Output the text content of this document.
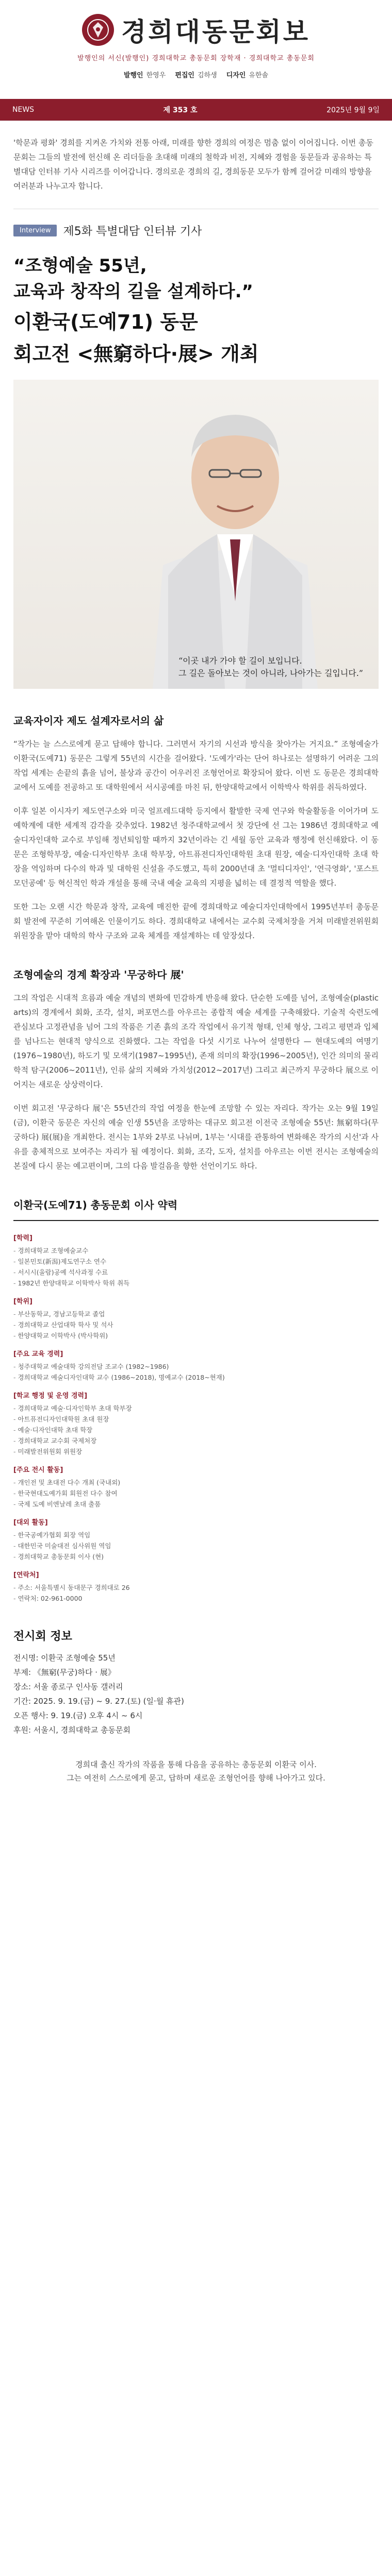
경희대동문회보
발행인의 서신(발행인) 경희대학교 총동문회 장학재 · 경희대학교 총동문회
발행인 한영우 편집인 김하생 디자인 유한솔
NEWS	제 353 호	2025년 9월 9일

'학문과 평화' 경희를 지켜온 가치와 전통 아래, 미래를 향한 경희의 여정은 멈춤 없이 이어집니다. 이번 총동문회는 그들의 발전에 헌신해 온 리더들을 초대해 미래의 철학과 비전, 지혜와 경험을 동문들과 공유하는 특별대담 인터뷰 기사 시리즈를 이어갑니다. 경의로운 경희의 길, 경희동문 모두가 함께 걸어갈 미래의 방향을 여러분과 나누고자 합니다.

Interview	제5화 특별대담 인터뷰 기사
“조형예술 55년,
교육과 창작의 길을 설계하다.”
이환국(도예71) 동문
회고전 <無窮하다·展> 개최
“이곳 내가 가야 할 길이 보입니다.
그 길은 돌아보는 것이 아니라, 나아가는 길입니다.”
교육자이자 제도 설계자로서의 삶

“작가는 늘 스스로에게 묻고 답해야 합니다. 그러면서 자기의 시선과 방식을 찾아가는 거지요.” 조형예술가 이환국(도예71) 동문은 그렇게 55년의 시간을 걸어왔다. '도예가'라는 단어 하나로는 설명하기 어려운 그의 작업 세계는 손끝의 흙을 넘어, 불상과 공간이 어우러진 조형언어로 확장되어 왔다. 이번 도 동문은 경희대학교에서 도예를 전공하고 또 대학원에서 서시공예를 마친 뒤, 한양대학교에서 이학박사 학위를 취득하였다.

이후 일본 이시자키 제도연구소와 미국 얼프레드대학 등지에서 활발한 국제 연구와 학술활동을 이어가며 도예학계에 대한 세계적 감각을 갖추었다. 1982년 청주대학교에서 첫 강단에 선 그는 1986년 경희대학교 예술디자인대학 교수로 부임해 정년퇴임할 때까지 32년이라는 긴 세월 동안 교육과 행정에 헌신해왔다. 이 동문은 조형학부장, 예술·디자인학부 초대 학부장, 아트퓨전디자인대학원 초대 원장, 예술·디자인대학 초대 학장을 역임하며 다수의 학과 및 대학원 신설을 주도했고, 특히 2000년대 초 '멀티디자인', '연극영화', '포스트모던공예' 등 혁신적인 학과 개설을 통해 국내 예술 교육의 지평을 넓히는 데 결정적 역할을 했다.

또한 그는 오랜 시간 학문과 창작, 교육에 매진한 끝에 경희대학교 예술디자인대학에서 1995년부터 총동문회 발전에 꾸준히 기여해온 인물이기도 하다. 경희대학교 내에서는 교수회 국제처장을 거쳐 미래발전위원회 위원장을 맡아 대학의 학사 구조와 교육 체계를 재설계하는 데 앞장섰다.

조형예술의 경계 확장과 '무궁하다 展'

그의 작업은 시대적 흐름과 예술 개념의 변화에 민감하게 반응해 왔다. 단순한 도예를 넘어, 조형예술(plastic arts)의 경계에서 회화, 조각, 설치, 퍼포먼스를 아우르는 종합적 예술 세계를 구축해왔다. 기술적 숙련도에 관심보다 고정관념을 넘어 그의 작품은 기존 흙의 조각 작업에서 유기적 형태, 인체 형상, 그리고 평면과 입체를 넘나드는 현대적 양식으로 진화했다. 그는 작업을 다섯 시기로 나누어 설명한다 — 현대도예의 여명기(1976~1980년), 하도기 및 모색기(1987~1995년), 존재 의미의 확장(1996~2005년), 인간 의미의 물리학적 탐구(2006~2011년), 인류 삶의 지혜와 가치성(2012~2017년) 그리고 최근까지 무궁하다 展으로 이어지는 새로운 상상력이다.

이번 회고전 '무궁하다 展'은 55년간의 작업 여정을 한눈에 조망할 수 있는 자리다. 작가는 오는 9월 19일(금), 이환국 동문은 자신의 예술 인생 55년을 조망하는 대규모 회고전 이전국 조형예술 55년: 無窮하다(무궁하다) 展(展)을 개최한다. 전시는 1부와 2부로 나뉘며, 1부는 '시대를 관통하여 변화해온 작가의 시선'과 사유를 총체적으로 보여주는 자리가 될 예정이다. 회화, 조각, 도자, 설치를 아우르는 이번 전시는 조형예술의 본질에 다시 묻는 예고편이며, 그의 다음 발걸음을 향한 선언이기도 하다.

이환국(도예71) 총동문회 이사 약력
[학력]
- 경희대학교 조형예술교수
- 일본민토(新潟)제도연구소 연수
- 서시시(울람)공예 석사과정 수료
- 1982년 한양대학교 이학박사 학위 취득
[학위]
- 부산동학교, 경남고등학교 졸업
- 경희대학교 산업대학 학사 및 석사
- 한양대학교 이학박사 (박사학위)
[주요 교육 경력]
- 청주대학교 예술대학 강의전담 조교수 (1982~1986)
- 경희대학교 예술디자인대학 교수 (1986~2018), 명예교수 (2018~현재)
[학교 행정 및 운영 경력]
- 경희대학교 예술·디자인학부 초대 학부장
- 아트퓨전디자인대학원 초대 원장
- 예술·디자인대학 초대 학장
- 경희대학교 교수회 국제처장
- 미래발전위원회 위원장
[주요 전시 활동]
- 개인전 및 초대전 다수 개최 (국내외)
- 한국현대도예가회 회원전 다수 참여
- 국제 도예 비엔날레 초대 출품
[대외 활동]
- 한국공예가협회 회장 역임
- 대한민국 미술대전 심사위원 역임
- 경희대학교 총동문회 이사 (현)
[연락처]
- 주소: 서울특별시 동대문구 경희대로 26
- 연락처: 02-961-0000
전시회 정보
전시명: 이환국 조형예술 55년
부제: 《無窮(무궁)하다 · 展》
장소: 서울 종로구 인사동 갤러리
기간: 2025. 9. 19.(금) ~ 9. 27.(토) (일·월 휴관)
오픈 행사: 9. 19.(금) 오후 4시 ~ 6시
후원: 서울시, 경희대학교 총동문회
경희대 출신 작가의 작품을 통해 다음을 공유하는 총동문회 이환국 이사.
그는 여전히 스스로에게 묻고, 답하며 새로운 조형언어를 향해 나아가고 있다.
